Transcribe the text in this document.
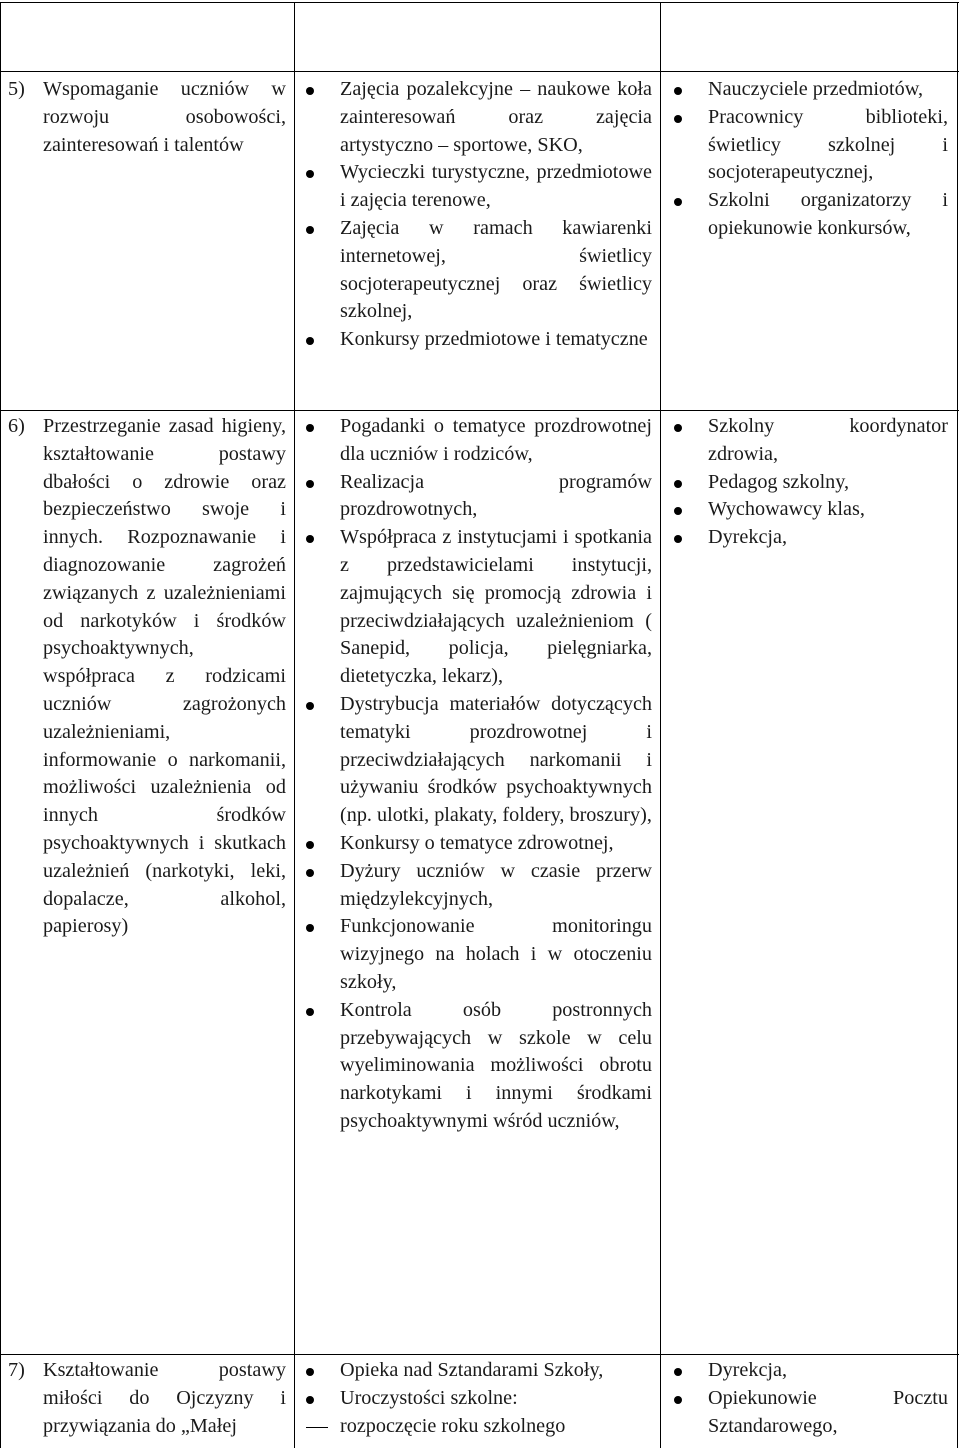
5) Wspomaganie uczniów w rozwoju osobowości, zainteresowań i talentów

Zajęcia pozalekcyjne – naukowe koła zainteresowań oraz zajęcia artystyczno – sportowe, SKO,
Wycieczki turystyczne, przedmiotowe i zajęcia terenowe,
Zajęcia w ramach kawiarenki internetowej, świetlicy socjoterapeutycznej oraz świetlicy szkolnej,
Konkursy przedmiotowe i tematyczne
Nauczyciele przedmiotów,
Pracownicy biblioteki, świetlicy szkolnej i socjoterapeutycznej,
Szkolni organizatorzy i opiekunowie konkursów,
6) Przestrzeganie zasad higieny, kształtowanie postawy dbałości o zdrowie oraz bezpieczeństwo swoje i innych. Rozpoznawanie i diagnozowanie zagrożeń związanych z uzależnieniami od narkotyków i środków psychoaktywnych, współpraca z rodzicami uczniów zagrożonych uzależnieniami, informowanie o narkomanii, możliwości uzależnienia od innych środków psychoaktywnych i skutkach uzależnień (narkotyki, leki, dopalacze, alkohol, papierosy)

Pogadanki o tematyce prozdrowotnej dla uczniów i rodziców,
Realizacja programów prozdrowotnych,
Współpraca z instytucjami i spotkania z przedstawicielami instytucji, zajmujących się promocją zdrowia i przeciwdziałających uzależnieniom ( Sanepid, policja, pielęgniarka, dietetyczka, lekarz),
Dystrybucja materiałów dotyczących tematyki prozdrowotnej i przeciwdziałających narkomanii i używaniu środków psychoaktywnych (np. ulotki, plakaty, foldery, broszury),
Konkursy o tematyce zdrowotnej,
Dyżury uczniów w czasie przerw międzylekcyjnych,
Funkcjonowanie monitoringu wizyjnego na holach i w otoczeniu szkoły,
Kontrola osób postronnych przebywających w szkole w celu wyeliminowania możliwości obrotu narkotykami i innymi środkami psychoaktywnymi wśród uczniów,
Szkolny koordynator zdrowia,
Pedagog szkolny,
Wychowawcy klas,
Dyrekcja,
7) Kształtowanie postawy miłości do Ojczyzny i przywiązania do „Małej

Opieka nad Sztandarami Szkoły,
Uroczystości szkolne:
rozpoczęcie roku szkolnego
Dyrekcja,
Opiekunowie Pocztu Sztandarowego,
